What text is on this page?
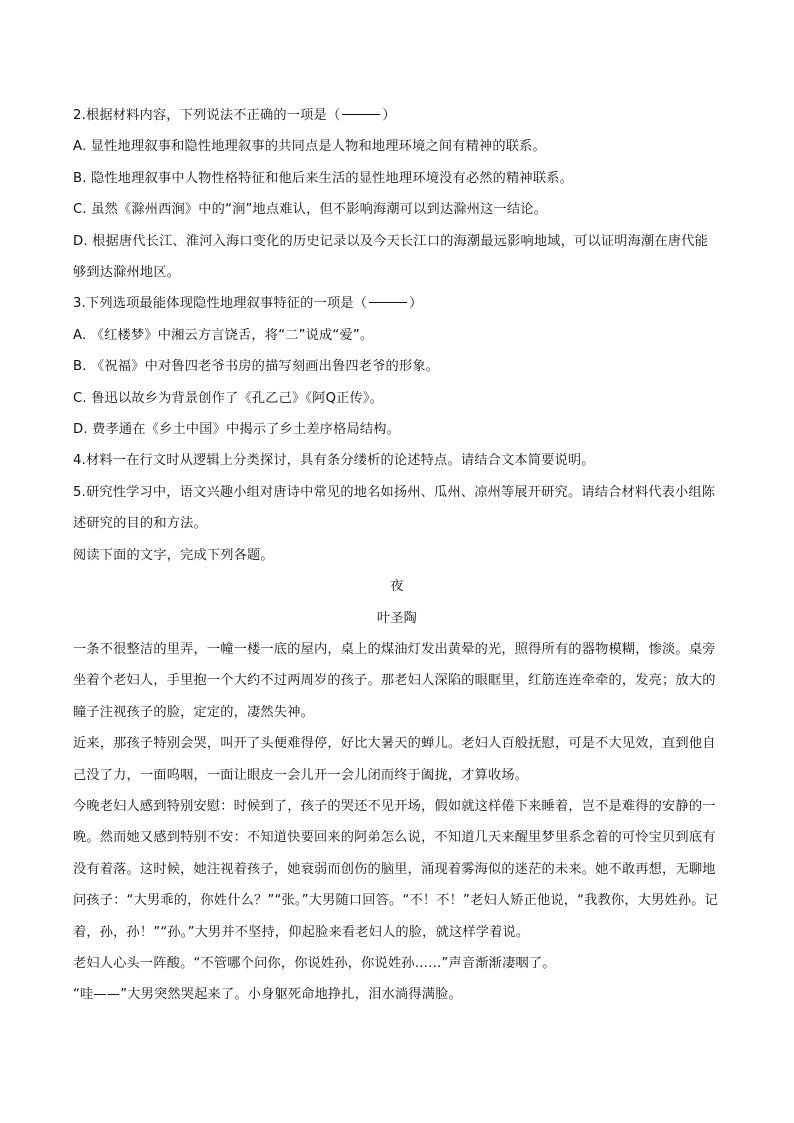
2.根据材料内容，下列说法不正确的一项是（	）

A. 显性地理叙事和隐性地理叙事的共同点是人物和地理环境之间有精神的联系。

B. 隐性地理叙事中人物性格特征和他后来生活的显性地理环境没有必然的精神联系。

C. 虽然《滁州西涧》中的“涧”地点难认，但不影响海潮可以到达滁州这一结论。

D. 根据唐代长江、淮河入海口变化的历史记录以及今天长江口的海潮最远影响地域，可以证明海潮在唐代能够到达滁州地区。

3.下列选项最能体现隐性地理叙事特征的一项是（	）

A. 《红楼梦》中湘云方言饶舌，将“二”说成“爱”。

B. 《祝福》中对鲁四老爷书房的描写刻画出鲁四老爷的形象。

C. 鲁迅以故乡为背景创作了《孔乙己》《阿Q正传》。

D. 费孝通在《乡土中国》中揭示了乡土差序格局结构。

4.材料一在行文时从逻辑上分类探讨，具有条分缕析的论述特点。请结合文本简要说明。

5.研究性学习中，语文兴趣小组对唐诗中常见的地名如扬州、瓜州、凉州等展开研究。请结合材料代表小组陈述研究的目的和方法。

阅读下面的文字，完成下列各题。

夜

叶圣陶

一条不很整洁的里弄，一幢一楼一底的屋内，桌上的煤油灯发出黄晕的光，照得所有的器物模糊，惨淡。桌旁坐着个老妇人，手里抱一个大约不过两周岁的孩子。那老妇人深陷的眼眶里，红筋连连牵牵的，发亮；放大的瞳子注视孩子的脸，定定的，凄然失神。

近来，那孩子特别会哭，叫开了头便难得停，好比大暑天的蝉儿。老妇人百般抚慰，可是不大见效，直到他自己没了力，一面呜咽，一面让眼皮一会儿开一会儿闭而终于阖拢，才算收场。

今晚老妇人感到特别安慰：时候到了，孩子的哭还不见开场，假如就这样倦下来睡着，岂不是难得的安静的一晚。然而她又感到特别不安：不知道快要回来的阿弟怎么说，不知道几天来醒里梦里系念着的可怜宝贝到底有没有着落。这时候，她注视着孩子，她衰弱而创伤的脑里，涌现着雾海似的迷茫的未来。她不敢再想，无聊地问孩子：“大男乖的，你姓什么？”“张。”大男随口回答。“不！不！”老妇人矫正他说，“我教你，大男姓孙。记着，孙，孙！”“孙。”大男并不坚持，仰起脸来看老妇人的脸，就这样学着说。

老妇人心头一阵酸。“不管哪个问你，你说姓孙，你说姓孙……”声音渐渐凄咽了。

“哇——”大男突然哭起来了。小身躯死命地挣扎，泪水淌得满脸。
